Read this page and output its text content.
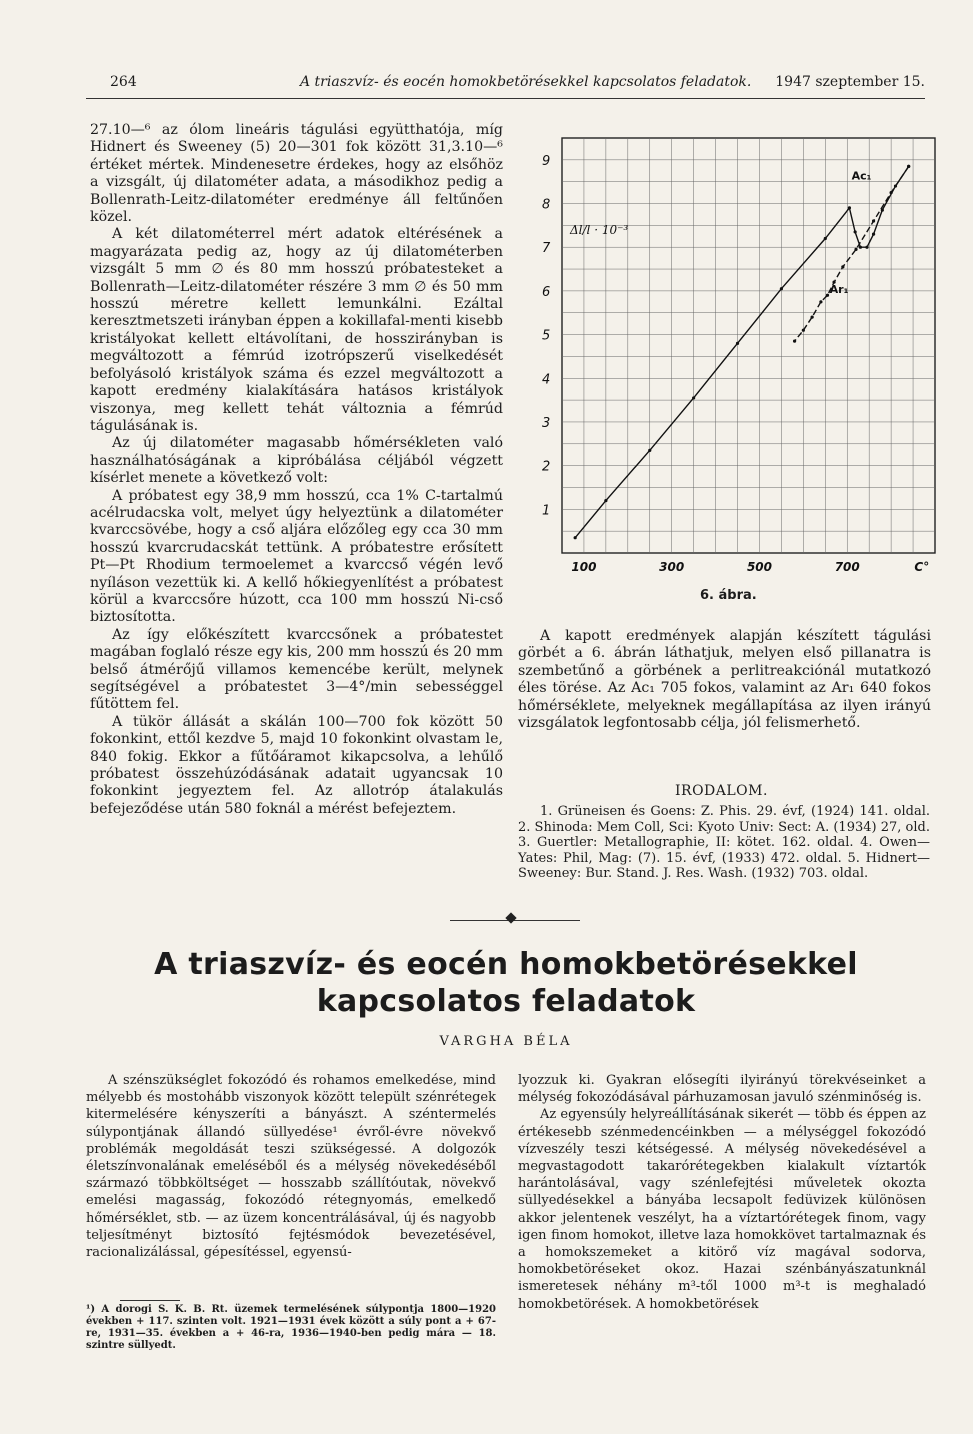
264	A triaszvíz- és eocén homokbetörésekkel kapcsolatos feladatok. 1947 szeptember 15.

27.10—⁶ az ólom lineáris tágulási együtthatója, míg Hidnert és Sweeney (5) 20—301 fok között 31,3.10—⁶ értéket mértek. Mindenesetre érdekes, hogy az elsőhöz a vizsgált, új dilatométer adata, a másodikhoz pedig a Bollenrath-Leitz-dilatométer eredménye áll feltűnően közel.

A két dilatométerrel mért adatok eltérésének a magyarázata pedig az, hogy az új dilatométerben vizsgált 5 mm ∅ és 80 mm hosszú próbatesteket a Bollenrath—Leitz-dilatométer részére 3 mm ∅ és 50 mm hosszú méretre kellett lemunkálni. Ezáltal keresztmetszeti irányban éppen a kokillafal-menti kisebb kristályokat kellett eltávolítani, de hosszirányban is megváltozott a fémrúd izotrópszerű viselkedését befolyásoló kristályok száma és ezzel megváltozott a kapott eredmény kialakítására hatásos kristályok viszonya, meg kellett tehát változnia a fémrúd tágulásának is.

Az új dilatométer magasabb hőmérsékleten való használhatóságának a kipróbálása céljából végzett kísérlet menete a következő volt:

A próbatest egy 38,9 mm hosszú, cca 1% C-tartalmú acélrudacska volt, melyet úgy helyeztünk a dilatométer kvarccsövébe, hogy a cső aljára előzőleg egy cca 30 mm hosszú kvarcrudacskát tettünk. A próbatestre erősített Pt—Pt Rhodium termoelemet a kvarccső végén levő nyíláson vezettük ki. A kellő hőkiegyenlítést a próbatest körül a kvarccsőre húzott, cca 100 mm hosszú Ni-cső biztosította.

Az így előkészített kvarccsőnek a próbatestet magában foglaló része egy kis, 200 mm hosszú és 20 mm belső átmérőjű villamos kemencébe került, melynek segítségével a próbatestet 3—4°/min sebességgel fűtöttem fel.

A tükör állását a skálán 100—700 fok között 50 fokonkint, ettől kezdve 5, majd 10 fokonkint olvastam le, 840 fokig. Ekkor a fűtőáramot kikapcsolva, a lehűlő próbatest összehúzódásának adatait ugyancsak 10 fokonkint jegyeztem fel. Az allotróp átalakulás befejeződése után 580 foknál a mérést befejeztem.

1
2
3
4
5
6
7
8
9
100	300	500	700	C°
Δl/l · 10⁻³
Ac₁
Ar₁
6. ábra.

A kapott eredmények alapján készített tágulási görbét a 6. ábrán láthatjuk, melyen első pillanatra is szembetűnő a görbének a perlitreakciónál mutatkozó éles törése. Az Ac₁ 705 fokos, valamint az Ar₁ 640 fokos hőmérséklete, melyeknek megállapítása az ilyen irányú vizsgálatok legfontosabb célja, jól felismerhető.

IRODALOM.

1. Grüneisen és Goens: Z. Phis. 29. évf, (1924) 141. oldal. 2. Shinoda: Mem Coll, Sci: Kyoto Univ: Sect: A. (1934) 27, old. 3. Guertler: Metallographie, II: kötet. 162. oldal. 4. Owen—Yates: Phil, Mag: (7). 15. évf, (1933) 472. oldal. 5. Hidnert—Sweeney: Bur. Stand. J. Res. Wash. (1932) 703. oldal.

A triaszvíz- és eocén homokbetörésekkel
kapcsolatos feladatok
VARGHA BÉLA

A szénszükséglet fokozódó és rohamos emelkedése, mind mélyebb és mostohább viszonyok között települt szénrétegek kitermelésére kényszeríti a bányászt. A széntermelés súlypontjának állandó süllyedése¹ évről-évre növekvő problémák megoldását teszi szükségessé. A dolgozók életszínvonalának emeléséből és a mélység növekedéséből származó többköltséget — hosszabb szállítóutak, növekvő emelési magasság, fokozódó rétegnyomás, emelkedő hőmérséklet, stb. — az üzem koncentrálásával, új és nagyobb teljesítményt biztosító fejtésmódok bevezetésével, racionalizálással, gépesítéssel, egyensú-

¹) A dorogi S. K. B. Rt. üzemek termelésének súlypontja 1800—1920 években + 117. szinten volt. 1921—1931 évek között a súly pont a + 67-re, 1931—35. években a + 46-ra, 1936—1940-ben pedig mára — 18. szintre süllyedt.

lyozzuk ki. Gyakran elősegíti ilyirányú törekvéseinket a mélység fokozódásával párhuzamosan javuló szénminőség is.

Az egyensúly helyreállításának sikerét — több és éppen az értékesebb szénmedencéinkben — a mélységgel fokozódó vízveszély teszi kétségessé. A mélység növekedésével a megvastagodott takarórétegekben kialakult víztartók harántolásával, vagy szénlefejtési műveletek okozta süllyedésekkel a bányába lecsapolt fedüvizek különösen akkor jelentenek veszélyt, ha a víztartórétegek finom, vagy igen finom homokot, illetve laza homokkövet tartalmaznak és a homokszemeket a kitörő víz magával sodorva, homokbetöréseket okoz. Hazai szénbányászatunknál ismeretesek néhány m³-től 1000 m³-t is meghaladó homokbetörések. A homokbetörések
